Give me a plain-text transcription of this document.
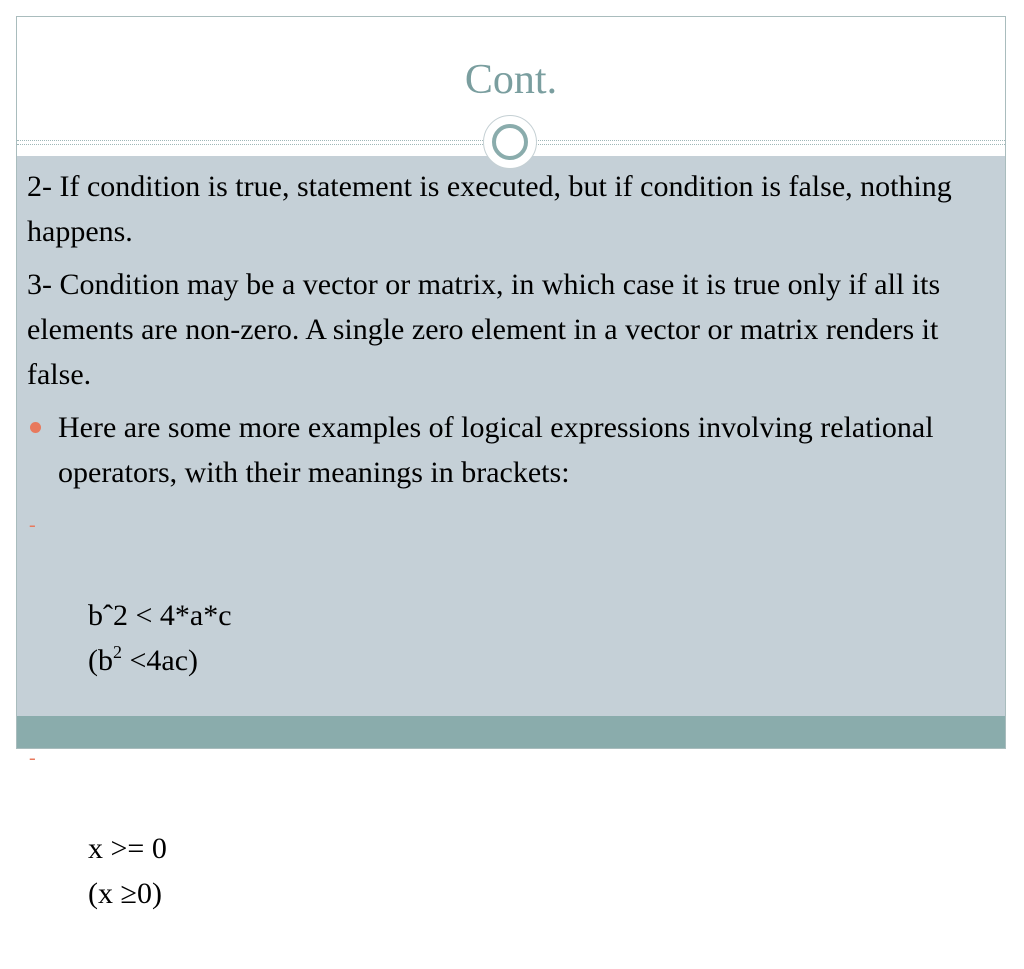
Cont.

2- If condition is true, statement is executed, but if condition is false, nothing happens.

3- Condition may be a vector or matrix, in which case it is true only if all its elements are non-zero. A single zero element in a vector or matrix renders it false.

Here are some more examples of logical expressions involving relational operators, with their meanings in brackets:

-

bˆ2 < 4*a*c
$(b^2 <4ac)$

-

x >= 0
(x ≥0)
